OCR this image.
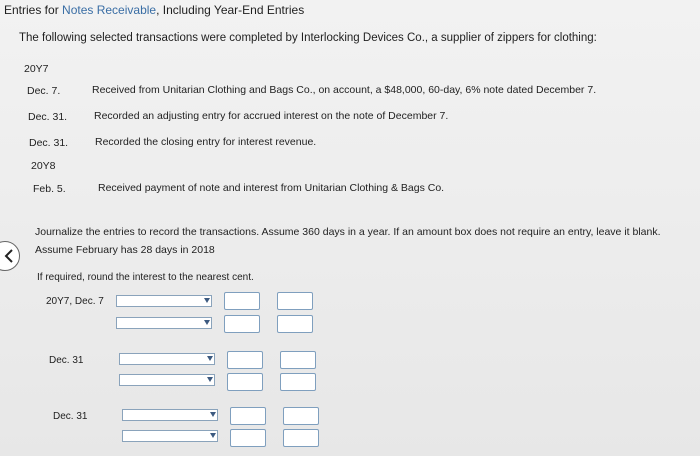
Entries for Notes Receivable, Including Year-End Entries
The following selected transactions were completed by Interlocking Devices Co., a supplier of zippers for clothing:
20Y7
Dec. 7.	Received from Unitarian Clothing and Bags Co., on account, a $48,000, 60-day, 6% note dated December 7.
Dec. 31.	Recorded an adjusting entry for accrued interest on the note of December 7.
Dec. 31.	Recorded the closing entry for interest revenue.
20Y8
Feb. 5.	Received payment of note and interest from Unitarian Clothing & Bags Co.
Journalize the entries to record the transactions. Assume 360 days in a year. If an amount box does not require an entry, leave it blank. Assume February has 28 days in 2018
If required, round the interest to the nearest cent.
20Y7, Dec. 7
Dec. 31
Dec. 31
